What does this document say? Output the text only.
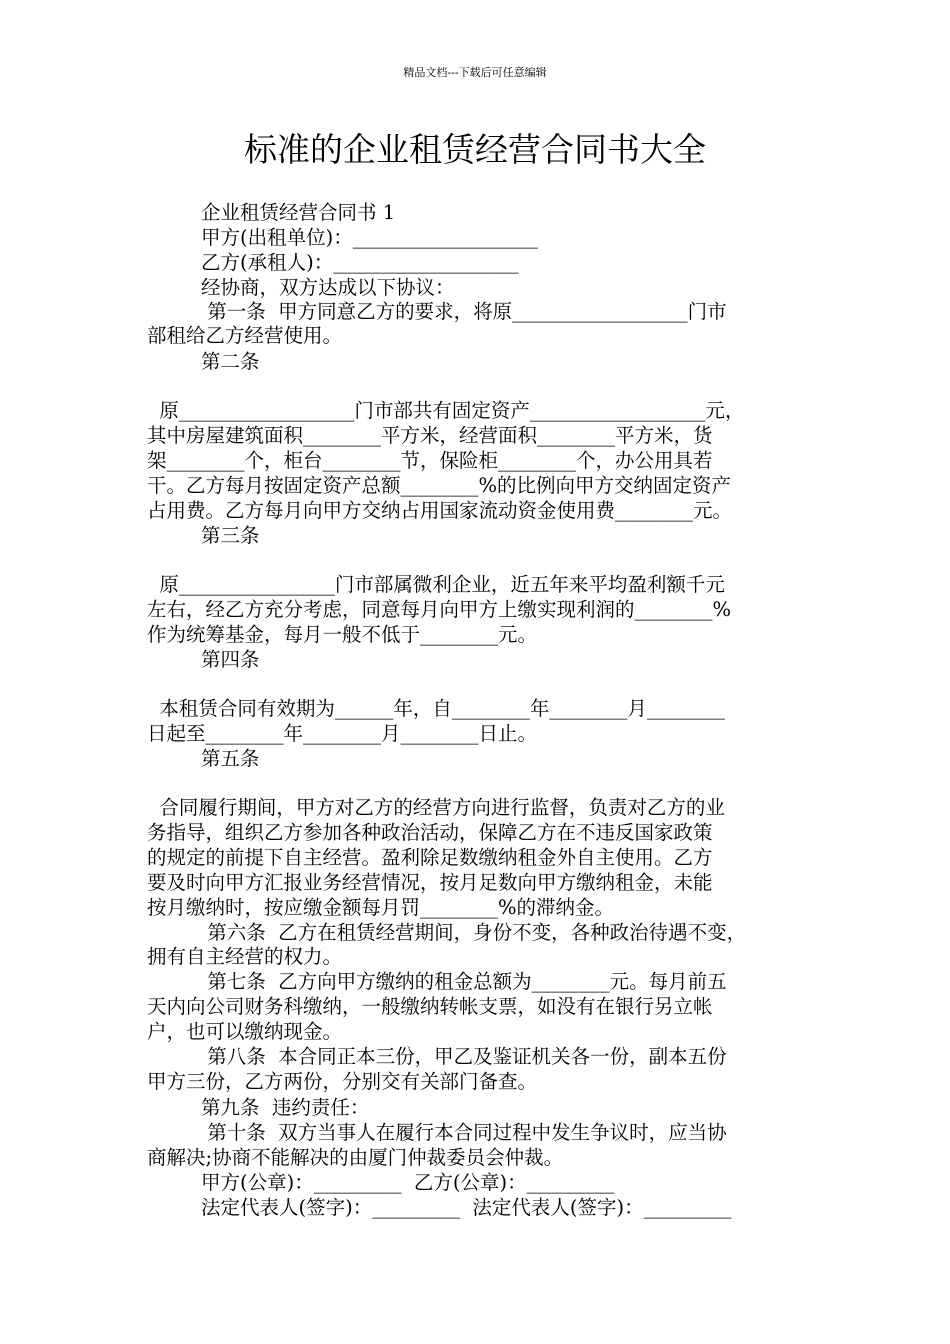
精品文档---下载后可任意编辑
标准的企业租赁经营合同书大全
企业租赁经营合同书 1
甲方(出租单位)：___________________
乙方(承租人)：___________________
经协商，双方达成以下协议：
第一条  甲方同意乙方的要求，将原__________________门市
部租给乙方经营使用。
第二条
原__________________门市部共有固定资产__________________元，
其中房屋建筑面积________平方米，经营面积________平方米，货
架________个，柜台________节，保险柜________个，办公用具若
干。乙方每月按固定资产总额________%的比例向甲方交纳固定资产
占用费。乙方每月向甲方交纳占用国家流动资金使用费________元。
第三条
原________________门市部属微利企业，近五年来平均盈利额千元
左右，经乙方充分考虑，同意每月向甲方上缴实现利润的________%
作为统筹基金，每月一般不低于________元。
第四条
本租赁合同有效期为______年，自________年________月________
日起至________年________月________日止。
第五条
合同履行期间，甲方对乙方的经营方向进行监督，负责对乙方的业
务指导，组织乙方参加各种政治活动，保障乙方在不违反国家政策
的规定的前提下自主经营。盈利除足数缴纳租金外自主使用。乙方
要及时向甲方汇报业务经营情况，按月足数向甲方缴纳租金，未能
按月缴纳时，按应缴金额每月罚________%的滞纳金。
第六条  乙方在租赁经营期间，身份不变，各种政治待遇不变，
拥有自主经营的权力。
第七条  乙方向甲方缴纳的租金总额为________元。每月前五
天内向公司财务科缴纳，一般缴纳转帐支票，如没有在银行另立帐
户，也可以缴纳现金。
第八条  本合同正本三份，甲乙及鉴证机关各一份，副本五份
甲方三份，乙方两份，分别交有关部门备查。
第九条  违约责任：
第十条  双方当事人在履行本合同过程中发生争议时，应当协
商解决;协商不能解决的由厦门仲裁委员会仲裁。
甲方(公章)：_________  乙方(公章)：_________
法定代表人(签字)：_________  法定代表人(签字)：_________
